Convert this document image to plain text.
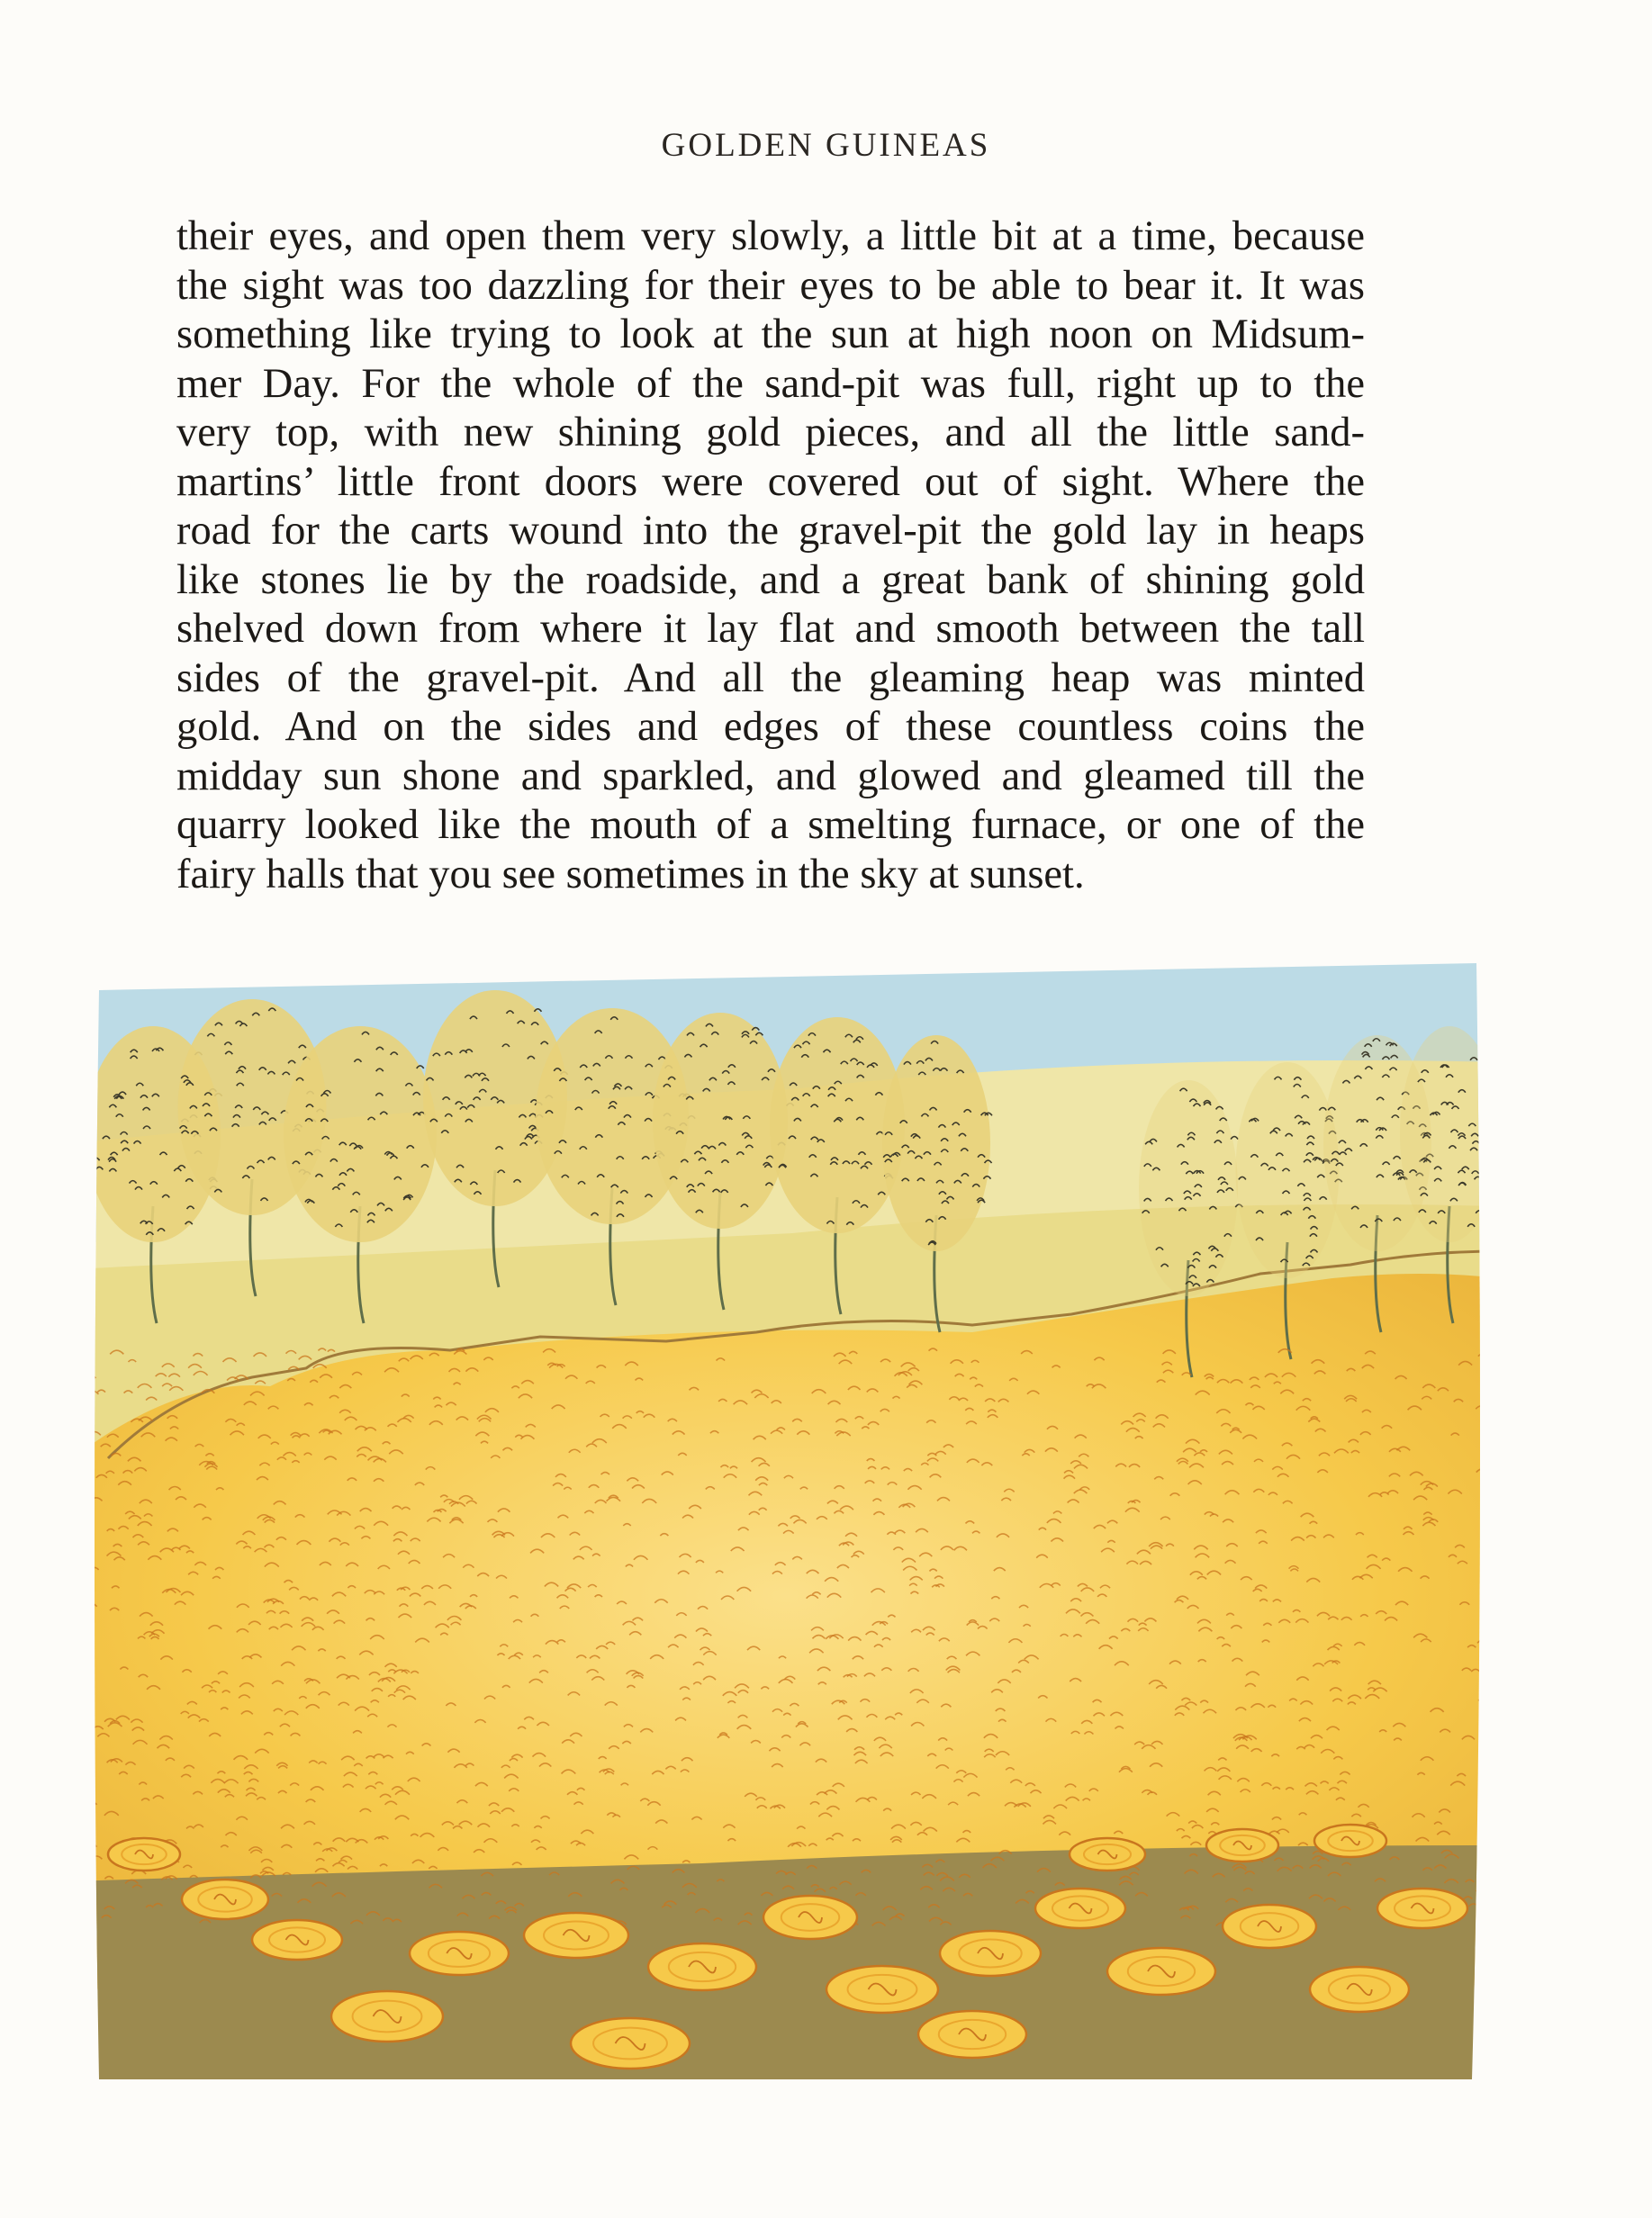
GOLDEN GUINEAS
their eyes, and open them very slowly, a little bit at a time, because
the sight was too dazzling for their eyes to be able to bear it. It was
something like trying to look at the sun at high noon on Midsum-
mer Day. For the whole of the sand-pit was full, right up to the
very top, with new shining gold pieces, and all the little sand-
martins’ little front doors were covered out of sight. Where the
road for the carts wound into the gravel-pit the gold lay in heaps
like stones lie by the roadside, and a great bank of shining gold
shelved down from where it lay flat and smooth between the tall
sides of the gravel-pit. And all the gleaming heap was minted
gold. And on the sides and edges of these countless coins the
midday sun shone and sparkled, and glowed and gleamed till the
quarry looked like the mouth of a smelting furnace, or one of the
fairy halls that you see sometimes in the sky at sunset.
